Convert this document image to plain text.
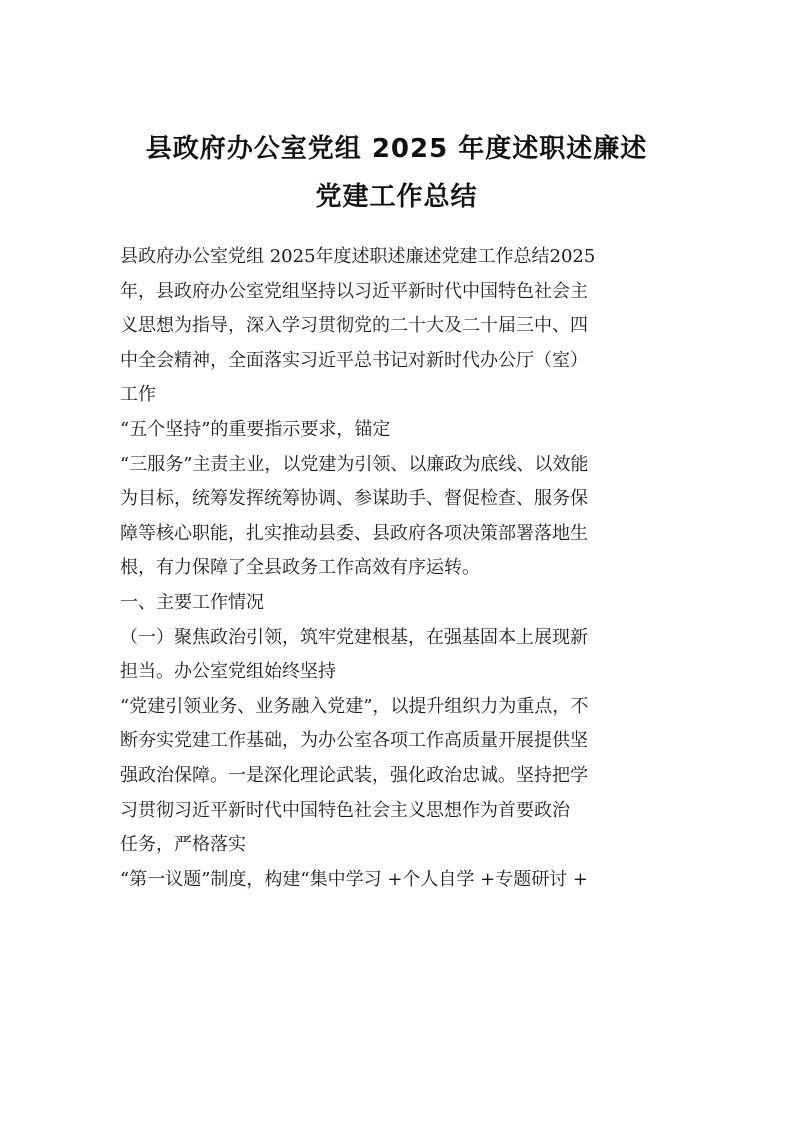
县政府办公室党组 2025 年度述职述廉述
党建工作总结
县政府办公室党组 2025年度述职述廉述党建工作总结2025
年，县政府办公室党组坚持以习近平新时代中国特色社会主
义思想为指导，深入学习贯彻党的二十大及二十届三中、四
中全会精神，全面落实习近平总书记对新时代办公厅（室）
工作
“五个坚持”的重要指示要求，锚定
“三服务”主责主业，以党建为引领、以廉政为底线、以效能
为目标，统筹发挥统筹协调、参谋助手、督促检查、服务保
障等核心职能，扎实推动县委、县政府各项决策部署落地生
根，有力保障了全县政务工作高效有序运转。
一、主要工作情况
（一）聚焦政治引领，筑牢党建根基，在强基固本上展现新
担当。办公室党组始终坚持
“党建引领业务、业务融入党建”，以提升组织力为重点，不
断夯实党建工作基础，为办公室各项工作高质量开展提供坚
强政治保障。一是深化理论武装，强化政治忠诚。坚持把学
习贯彻习近平新时代中国特色社会主义思想作为首要政治
任务，严格落实
“第一议题”制度，构建“集中学习 +个人自学 +专题研讨 +
